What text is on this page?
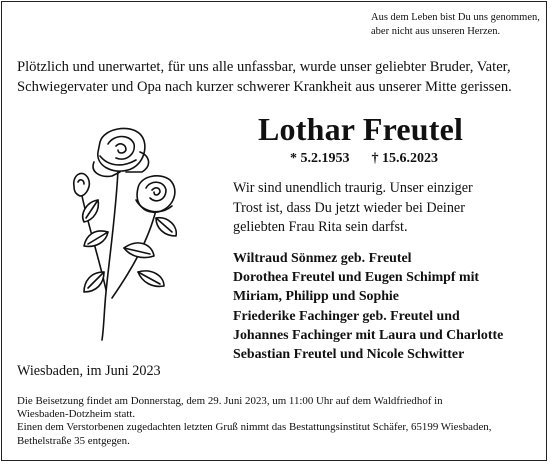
Aus dem Leben bist Du uns genommen,
aber nicht aus unseren Herzen.
Plötzlich und unerwartet, für uns alle unfassbar, wurde unser geliebter Bruder, Vater,
Schwiegervater und Opa nach kurzer schwerer Krankheit aus unserer Mitte gerissen.
Lothar Freutel
* 5.2.1953 † 15.6.2023
Wir sind unendlich traurig. Unser einziger
Trost ist, dass Du jetzt wieder bei Deiner
geliebten Frau Rita sein darfst.
Wiltraud Sönmez geb. Freutel
Dorothea Freutel und Eugen Schimpf mit
Miriam, Philipp und Sophie
Friederike Fachinger geb. Freutel und
Johannes Fachinger mit Laura und Charlotte
Sebastian Freutel und Nicole Schwitter
Wiesbaden, im Juni 2023
Die Beisetzung findet am Donnerstag, dem 29. Juni 2023, um 11:00 Uhr auf dem Waldfriedhof in
Wiesbaden-Dotzheim statt.
Einen dem Verstorbenen zugedachten letzten Gruß nimmt das Bestattungsinstitut Schäfer, 65199 Wiesbaden,
Bethelstraße 35 entgegen.
